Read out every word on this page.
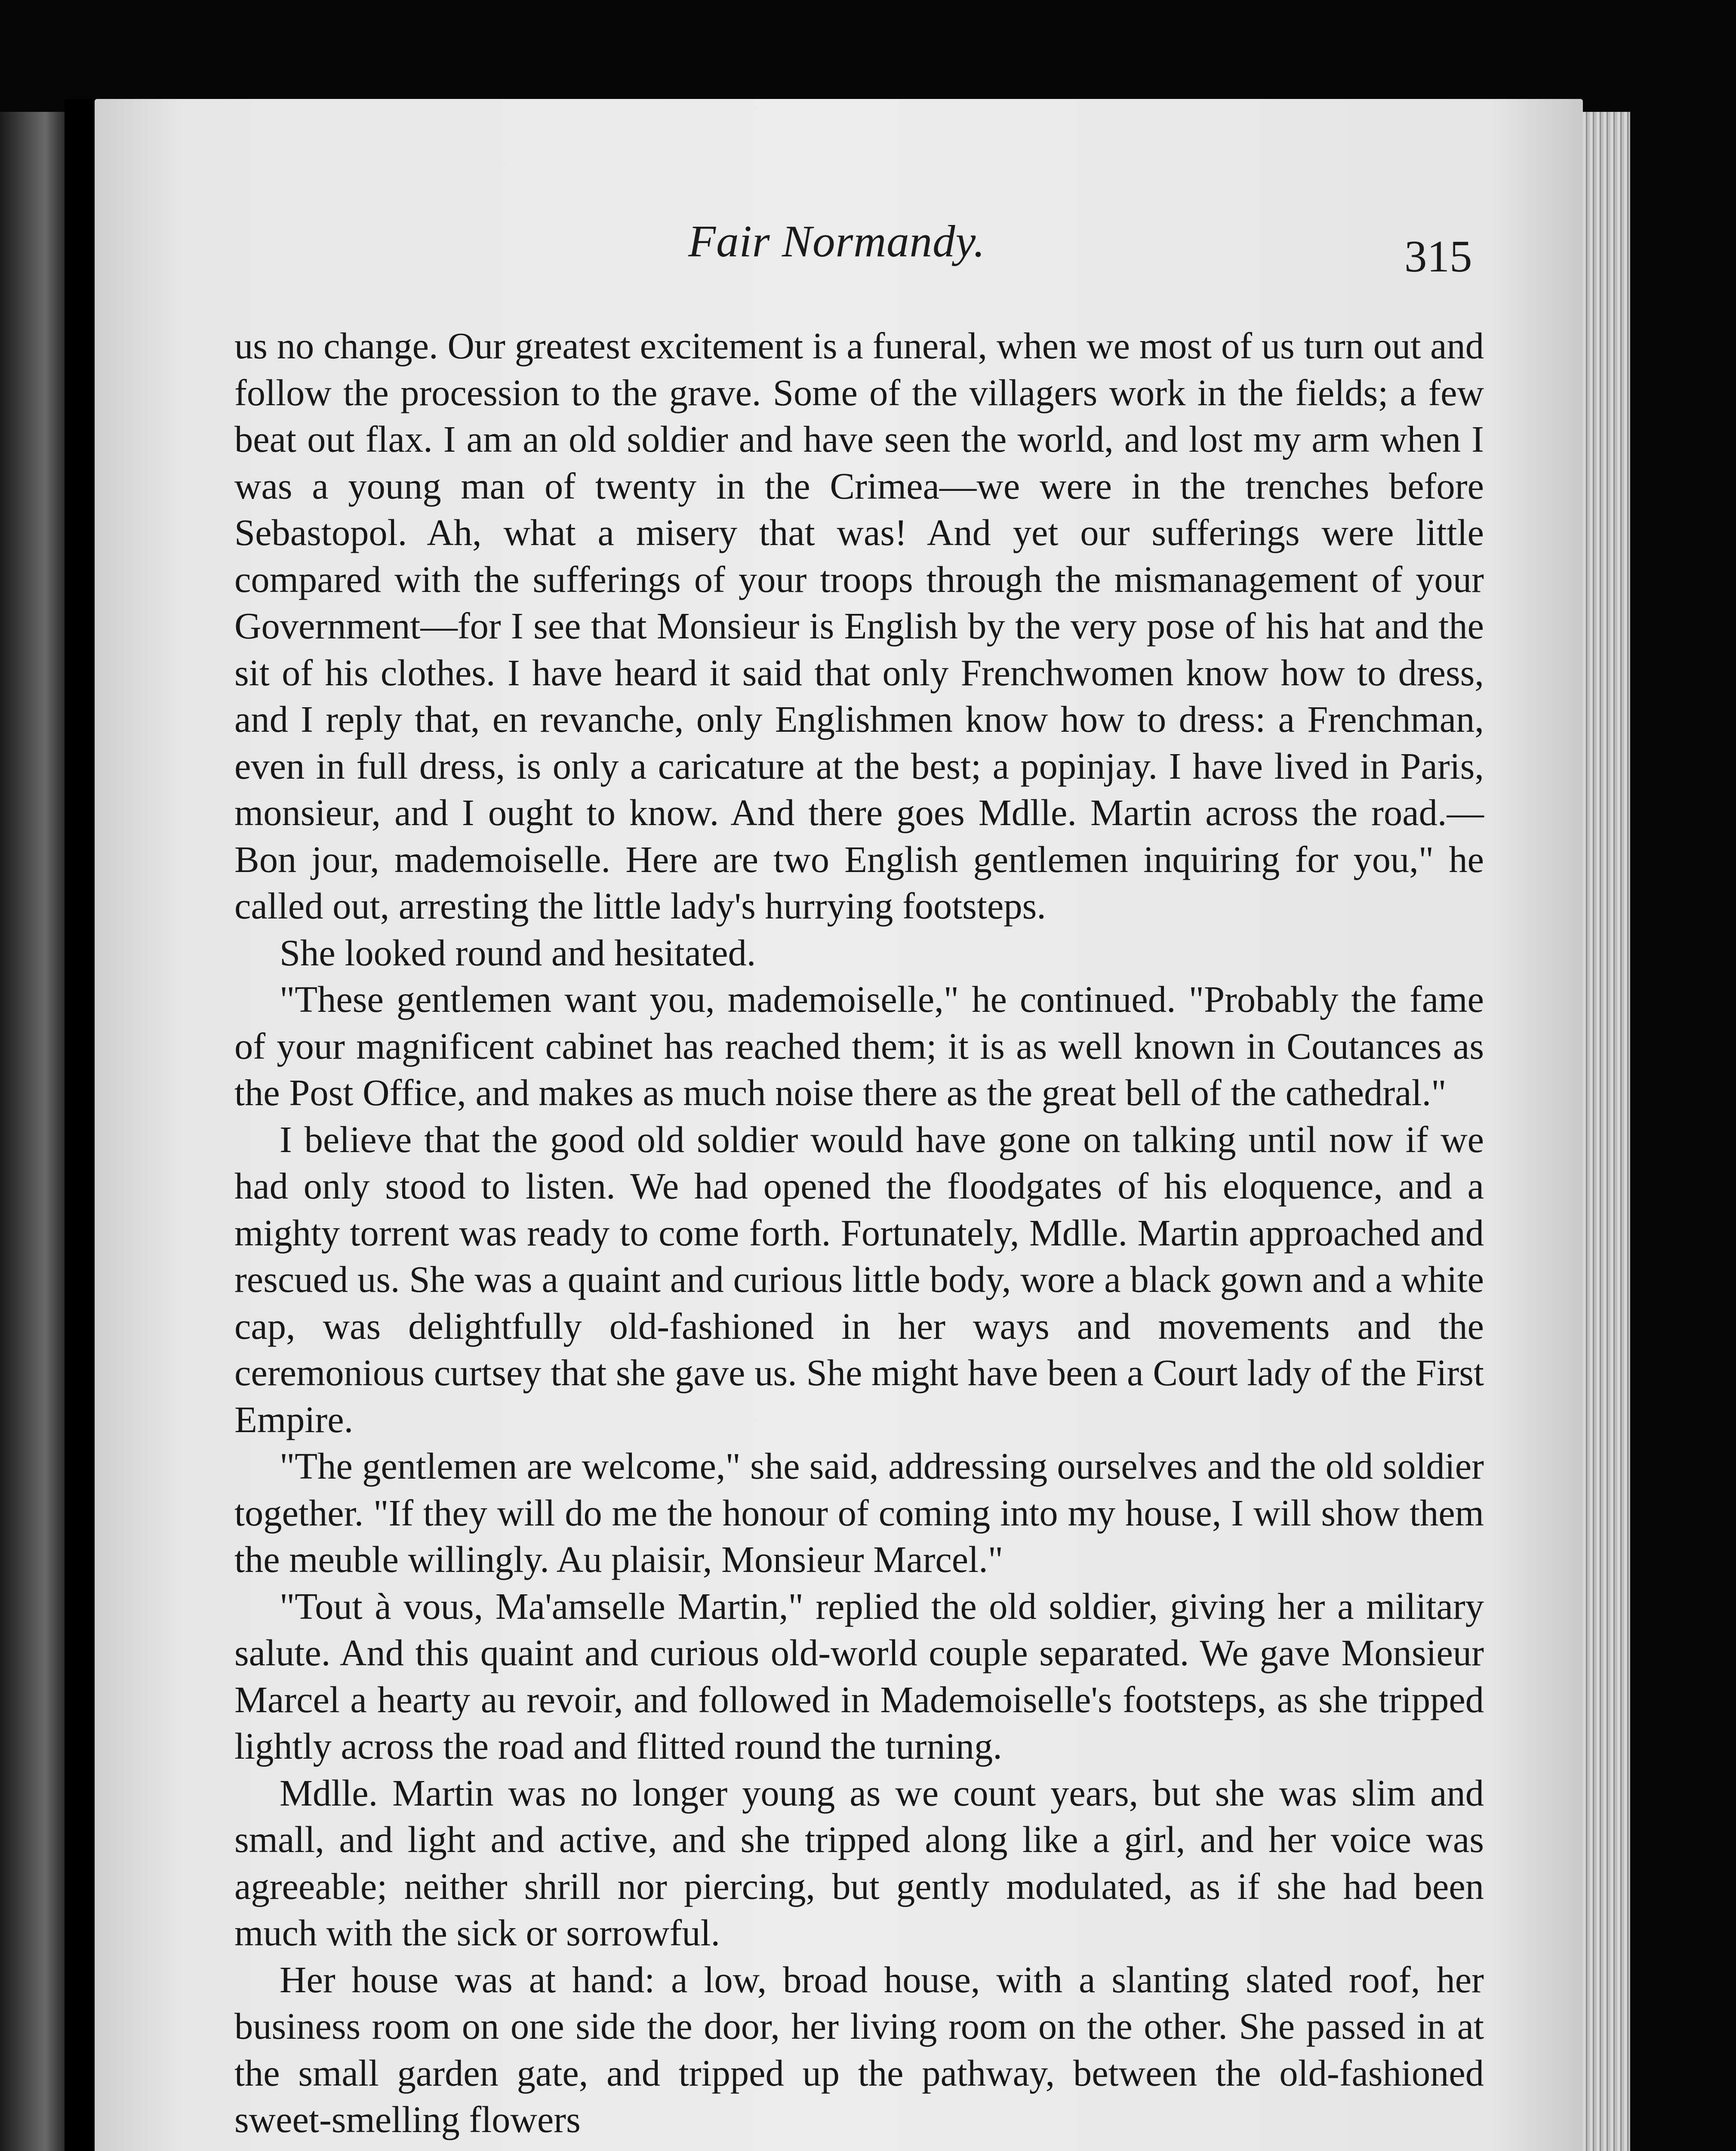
Fair Normandy.	315

us no change. Our greatest excitement is a funeral, when we most of us turn out and follow the procession to the grave. Some of the villagers work in the fields; a few beat out flax. I am an old soldier and have seen the world, and lost my arm when I was a young man of twenty in the Crimea—we were in the trenches before Sebastopol. Ah, what a misery that was! And yet our sufferings were little compared with the sufferings of your troops through the mismanagement of your Government—for I see that Monsieur is English by the very pose of his hat and the sit of his clothes. I have heard it said that only Frenchwomen know how to dress, and I reply that, en revanche, only Englishmen know how to dress: a Frenchman, even in full dress, is only a caricature at the best; a popinjay. I have lived in Paris, monsieur, and I ought to know. And there goes Mdlle. Martin across the road.—Bon jour, mademoiselle. Here are two English gentlemen inquiring for you," he called out, arresting the little lady's hurrying footsteps.

She looked round and hesitated.

"These gentlemen want you, mademoiselle," he continued. "Probably the fame of your magnificent cabinet has reached them; it is as well known in Coutances as the Post Office, and makes as much noise there as the great bell of the cathedral."

I believe that the good old soldier would have gone on talking until now if we had only stood to listen. We had opened the floodgates of his eloquence, and a mighty torrent was ready to come forth. Fortunately, Mdlle. Martin approached and rescued us. She was a quaint and curious little body, wore a black gown and a white cap, was delightfully old-fashioned in her ways and movements and the ceremonious curtsey that she gave us. She might have been a Court lady of the First Empire.

"The gentlemen are welcome," she said, addressing ourselves and the old soldier together. "If they will do me the honour of coming into my house, I will show them the meuble willingly. Au plaisir, Monsieur Marcel."

"Tout à vous, Ma'amselle Martin," replied the old soldier, giving her a military salute. And this quaint and curious old-world couple separated. We gave Monsieur Marcel a hearty au revoir, and followed in Mademoiselle's footsteps, as she tripped lightly across the road and flitted round the turning.

Mdlle. Martin was no longer young as we count years, but she was slim and small, and light and active, and she tripped along like a girl, and her voice was agreeable; neither shrill nor piercing, but gently modulated, as if she had been much with the sick or sorrowful.

Her house was at hand: a low, broad house, with a slanting slated roof, her business room on one side the door, her living room on the other. She passed in at the small garden gate, and tripped up the pathway, between the old-fashioned sweet-smelling flowers
